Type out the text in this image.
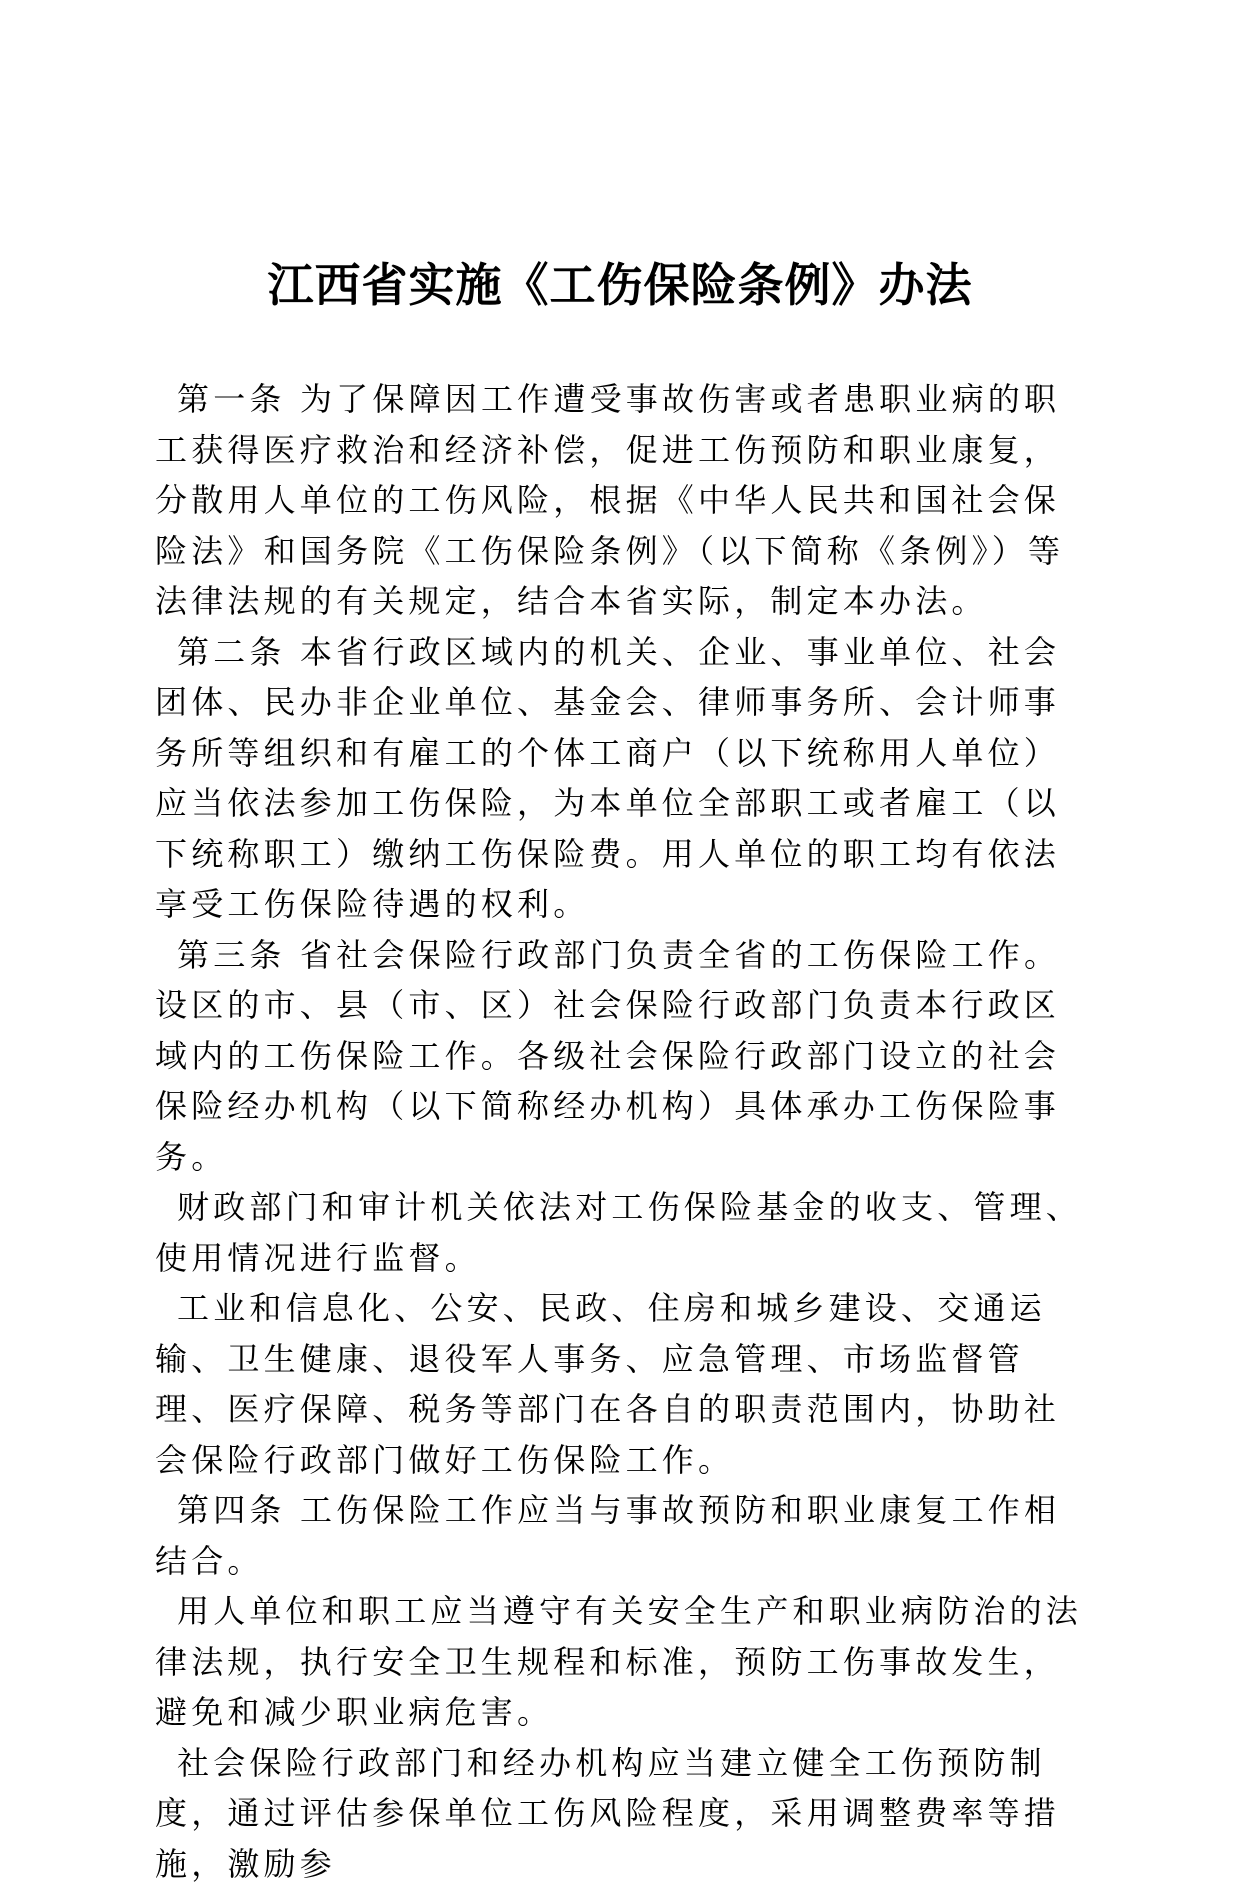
江西省实施《工伤保险条例》办法

第一条 为了保障因工作遭受事故伤害或者患职业病的职工获得医疗救治和经济补偿，促进工伤预防和职业康复，分散用人单位的工伤风险，根据《中华人民共和国社会保险法》和国务院《工伤保险条例》（以下简称《条例》）等法律法规的有关规定，结合本省实际，制定本办法。

第二条 本省行政区域内的机关、企业、事业单位、社会团体、民办非企业单位、基金会、律师事务所、会计师事务所等组织和有雇工的个体工商户（以下统称用人单位）应当依法参加工伤保险，为本单位全部职工或者雇工（以下统称职工）缴纳工伤保险费。用人单位的职工均有依法享受工伤保险待遇的权利。

第三条 省社会保险行政部门负责全省的工伤保险工作。设区的市、县（市、区）社会保险行政部门负责本行政区域内的工伤保险工作。各级社会保险行政部门设立的社会保险经办机构（以下简称经办机构）具体承办工伤保险事务。

财政部门和审计机关依法对工伤保险基金的收支、管理、使用情况进行监督。

工业和信息化、公安、民政、住房和城乡建设、交通运输、卫生健康、退役军人事务、应急管理、市场监督管理、医疗保障、税务等部门在各自的职责范围内，协助社会保险行政部门做好工伤保险工作。

第四条 工伤保险工作应当与事故预防和职业康复工作相结合。

用人单位和职工应当遵守有关安全生产和职业病防治的法律法规，执行安全卫生规程和标准，预防工伤事故发生，避免和减少职业病危害。

社会保险行政部门和经办机构应当建立健全工伤预防制度，通过评估参保单位工伤风险程度，采用调整费率等措施，激励参
